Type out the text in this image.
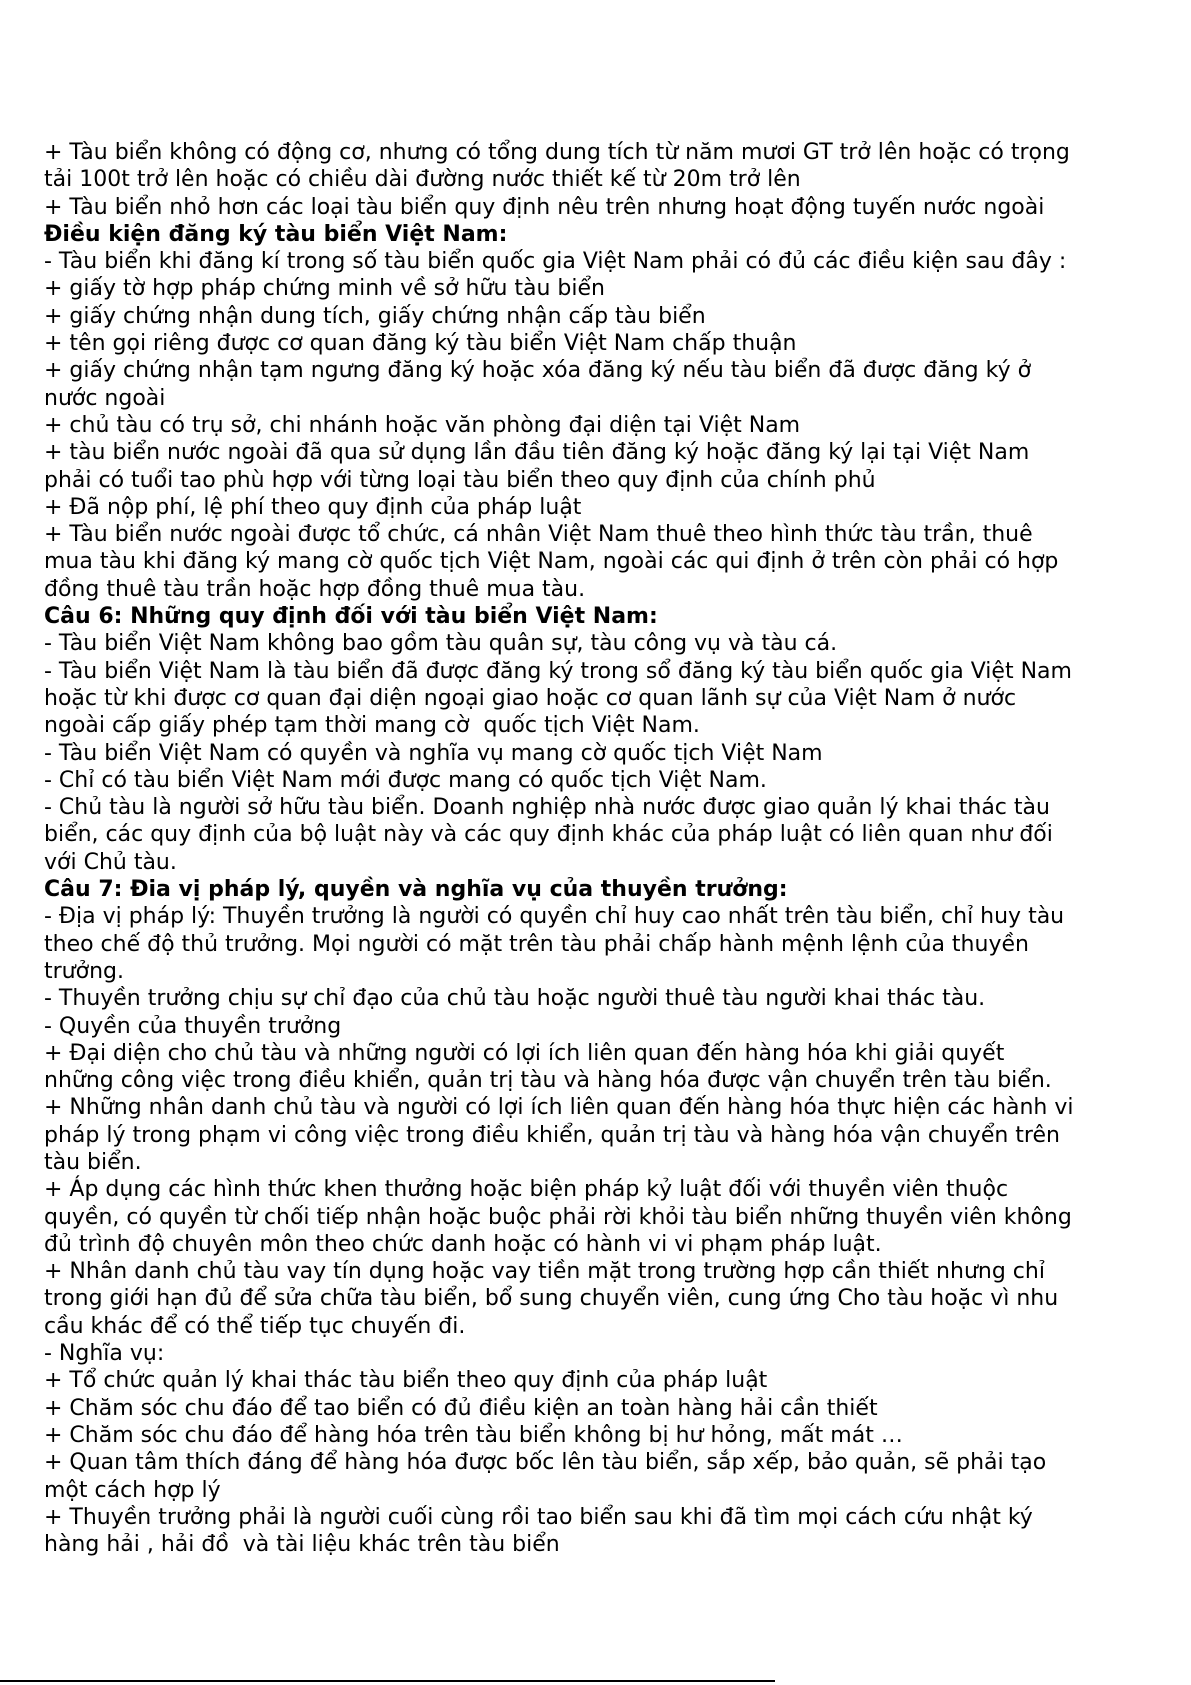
+ Tàu biển không có động cơ, nhưng có tổng dung tích từ năm mươi GT trở lên hoặc có trọng
tải 100t trở lên hoặc có chiều dài đường nước thiết kế từ 20m trở lên
+ Tàu biển nhỏ hơn các loại tàu biển quy định nêu trên nhưng hoạt động tuyến nước ngoài
Điều kiện đăng ký tàu biển Việt Nam:
- Tàu biển khi đăng kí trong số tàu biển quốc gia Việt Nam phải có đủ các điều kiện sau đây :
+ giấy tờ hợp pháp chứng minh về sở hữu tàu biển
+ giấy chứng nhận dung tích, giấy chứng nhận cấp tàu biển
+ tên gọi riêng được cơ quan đăng ký tàu biển Việt Nam chấp thuận
+ giấy chứng nhận tạm ngưng đăng ký hoặc xóa đăng ký nếu tàu biển đã được đăng ký ở
nước ngoài
+ chủ tàu có trụ sở, chi nhánh hoặc văn phòng đại diện tại Việt Nam
+ tàu biển nước ngoài đã qua sử dụng lần đầu tiên đăng ký hoặc đăng ký lại tại Việt Nam
phải có tuổi tao phù hợp với từng loại tàu biển theo quy định của chính phủ
+ Đã nộp phí, lệ phí theo quy định của pháp luật
+ Tàu biển nước ngoài được tổ chức, cá nhân Việt Nam thuê theo hình thức tàu trần, thuê
mua tàu khi đăng ký mang cờ quốc tịch Việt Nam, ngoài các qui định ở trên còn phải có hợp
đồng thuê tàu trần hoặc hợp đồng thuê mua tàu.
Câu 6: Những quy định đối với tàu biển Việt Nam:
- Tàu biển Việt Nam không bao gồm tàu quân sự, tàu công vụ và tàu cá.
- Tàu biển Việt Nam là tàu biển đã được đăng ký trong sổ đăng ký tàu biển quốc gia Việt Nam
hoặc từ khi được cơ quan đại diện ngoại giao hoặc cơ quan lãnh sự của Việt Nam ở nước
ngoài cấp giấy phép tạm thời mang cờ  quốc tịch Việt Nam.
- Tàu biển Việt Nam có quyền và nghĩa vụ mang cờ quốc tịch Việt Nam
- Chỉ có tàu biển Việt Nam mới được mang có quốc tịch Việt Nam.
- Chủ tàu là người sở hữu tàu biển. Doanh nghiệp nhà nước được giao quản lý khai thác tàu
biển, các quy định của bộ luật này và các quy định khác của pháp luật có liên quan như đối
với Chủ tàu.
Câu 7: Đia vị pháp lý, quyền và nghĩa vụ của thuyền trưởng:
- Địa vị pháp lý: Thuyền trưởng là người có quyền chỉ huy cao nhất trên tàu biển, chỉ huy tàu
theo chế độ thủ trưởng. Mọi người có mặt trên tàu phải chấp hành mệnh lệnh của thuyền
trưởng.
- Thuyền trưởng chịu sự chỉ đạo của chủ tàu hoặc người thuê tàu người khai thác tàu.
- Quyền của thuyền trưởng
+ Đại diện cho chủ tàu và những người có lợi ích liên quan đến hàng hóa khi giải quyết
những công việc trong điều khiển, quản trị tàu và hàng hóa được vận chuyển trên tàu biển.
+ Những nhân danh chủ tàu và người có lợi ích liên quan đến hàng hóa thực hiện các hành vi
pháp lý trong phạm vi công việc trong điều khiển, quản trị tàu và hàng hóa vận chuyển trên
tàu biển.
+ Áp dụng các hình thức khen thưởng hoặc biện pháp kỷ luật đối với thuyền viên thuộc
quyền, có quyền từ chối tiếp nhận hoặc buộc phải rời khỏi tàu biển những thuyền viên không
đủ trình độ chuyên môn theo chức danh hoặc có hành vi vi phạm pháp luật.
+ Nhân danh chủ tàu vay tín dụng hoặc vay tiền mặt trong trường hợp cần thiết nhưng chỉ
trong giới hạn đủ để sửa chữa tàu biển, bổ sung chuyển viên, cung ứng Cho tàu hoặc vì nhu
cầu khác để có thể tiếp tục chuyến đi.
- Nghĩa vụ:
+ Tổ chức quản lý khai thác tàu biển theo quy định của pháp luật
+ Chăm sóc chu đáo để tao biển có đủ điều kiện an toàn hàng hải cần thiết
+ Chăm sóc chu đáo để hàng hóa trên tàu biển không bị hư hỏng, mất mát …
+ Quan tâm thích đáng để hàng hóa được bốc lên tàu biển, sắp xếp, bảo quản, sẽ phải tạo
một cách hợp lý
+ Thuyền trưởng phải là người cuối cùng rồi tao biển sau khi đã tìm mọi cách cứu nhật ký
hàng hải , hải đồ  và tài liệu khác trên tàu biển
